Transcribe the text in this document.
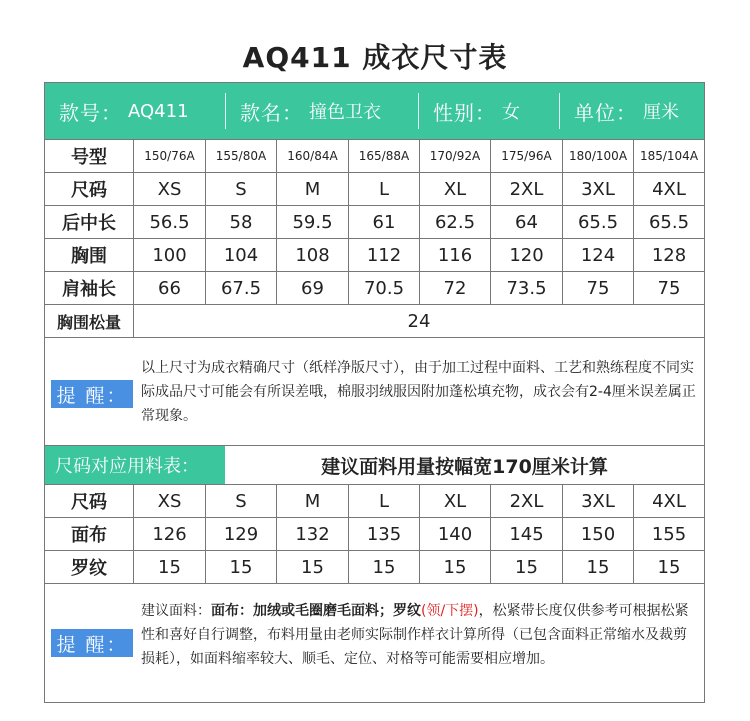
AQ411 成衣尺寸表
款号： AQ411	款名： 撞色卫衣	性别： 女	单位： 厘米
号型	150/76A	155/80A	160/84A	165/88A	170/92A	175/96A	180/100A	185/104A
尺码	XS	S	M	L	XL	2XL	3XL	4XL
后中长	56.5	58	59.5	61	62.5	64	65.5	65.5
胸围	100	104	108	112	116	120	124	128
肩袖长	66	67.5	69	70.5	72	73.5	75	75
胸围松量	24							
提 醒：
以上尺寸为成衣精确尺寸（纸样净版尺寸），由于加工过程中面料、工艺和熟练程度不同实际成品尺寸可能会有所误差哦，棉服羽绒服因附加蓬松填充物，成衣会有2-4厘米误差属正常现象。
尺码对应用料表：	建议面料用量按幅宽170厘米计算
尺码	XS	S	M	L	XL	2XL	3XL	4XL
面布	126	129	132	135	140	145	150	155
罗纹	15	15	15	15	15	15	15	15
提 醒：
建议面料：面布：加绒或毛圈磨毛面料；罗纹(领/下摆)，松紧带长度仅供参考可根据松紧性和喜好自行调整，布料用量由老师实际制作样衣计算所得（已包含面料正常缩水及裁剪损耗），如面料缩率较大、顺毛、定位、对格等可能需要相应增加。
